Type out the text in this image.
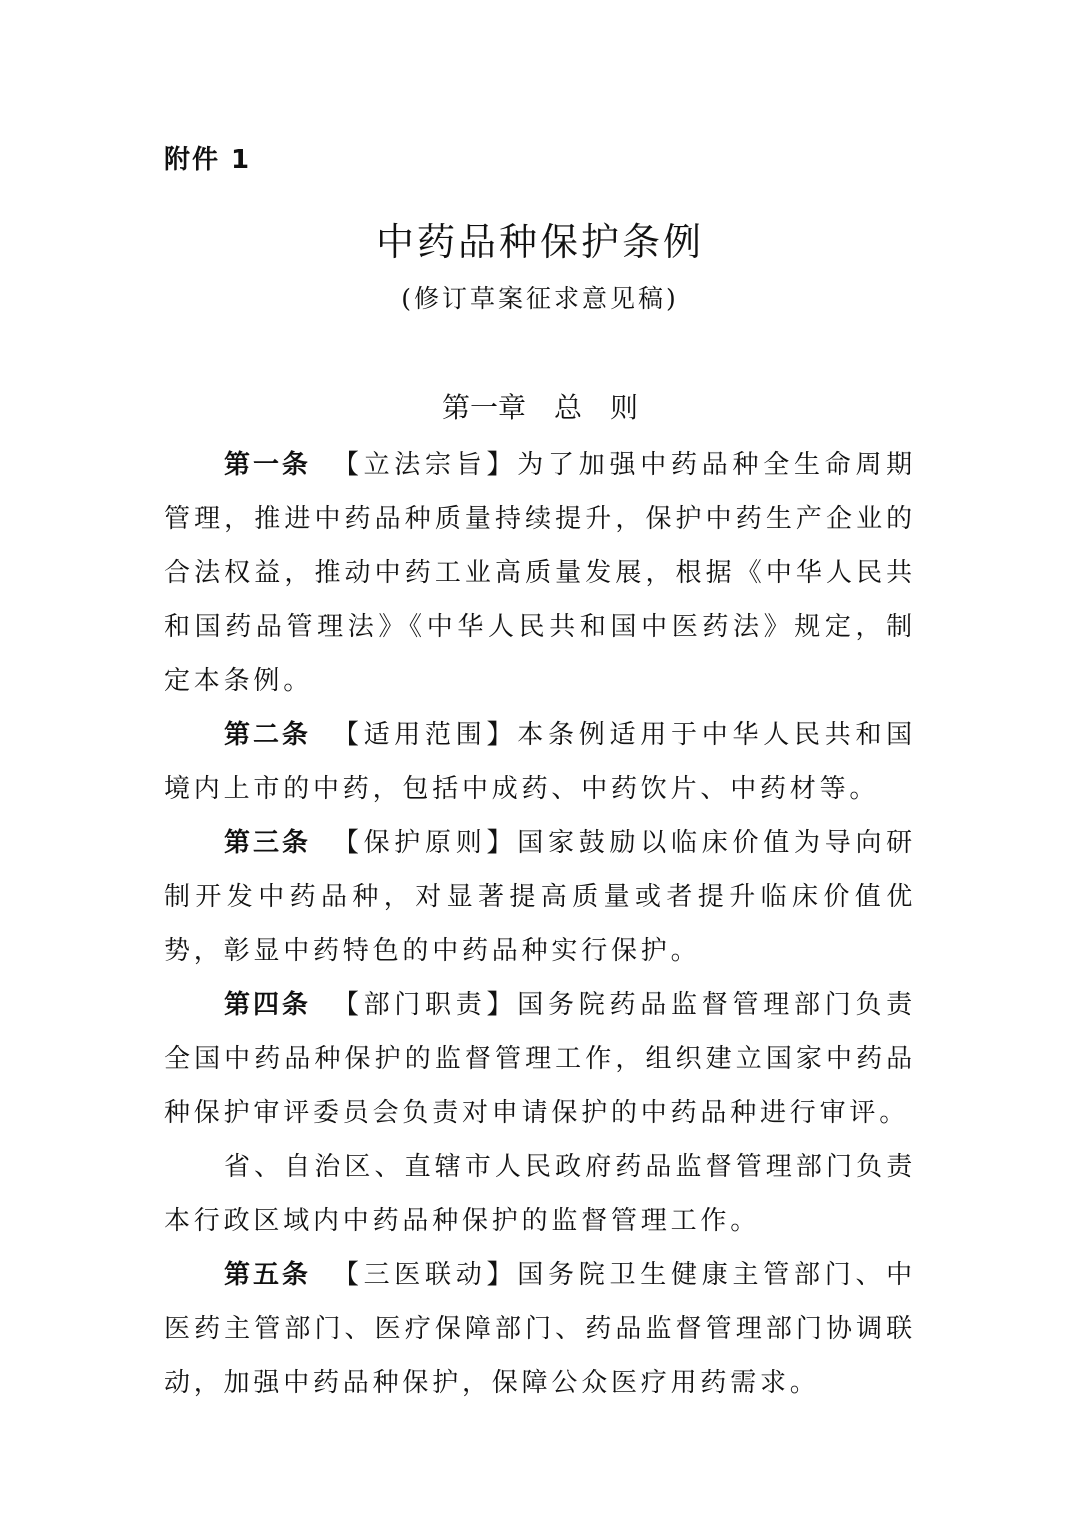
附件 1
中药品种保护条例
(修订草案征求意见稿)
第一章　总　则

第一条 【立法宗旨】为了加强中药品种全生命周期管理，推进中药品种质量持续提升，保护中药生产企业的合法权益，推动中药工业高质量发展，根据《中华人民共和国药品管理法》《中华人民共和国中医药法》规定，制定本条例。

第二条 【适用范围】本条例适用于中华人民共和国境内上市的中药，包括中成药、中药饮片、中药材等。

第三条 【保护原则】国家鼓励以临床价值为导向研制开发中药品种，对显著提高质量或者提升临床价值优势，彰显中药特色的中药品种实行保护。

第四条 【部门职责】国务院药品监督管理部门负责全国中药品种保护的监督管理工作，组织建立国家中药品种保护审评委员会负责对申请保护的中药品种进行审评。

省、自治区、直辖市人民政府药品监督管理部门负责本行政区域内中药品种保护的监督管理工作。

第五条 【三医联动】国务院卫生健康主管部门、中医药主管部门、医疗保障部门、药品监督管理部门协调联动，加强中药品种保护，保障公众医疗用药需求。
